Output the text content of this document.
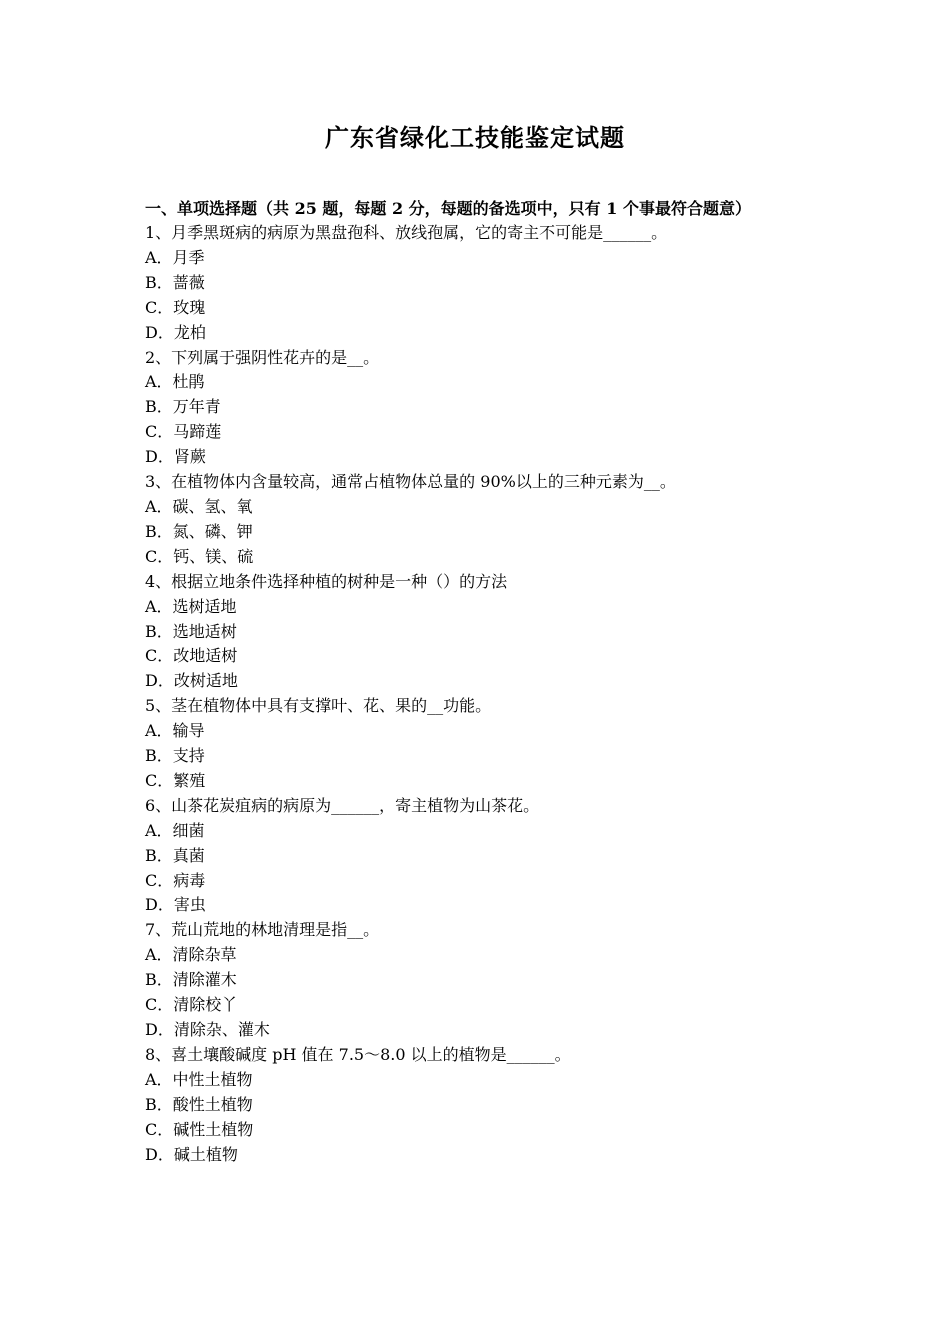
广东省绿化工技能鉴定试题

一、单项选择题（共 25 题，每题 2 分，每题的备选项中，只有 1 个事最符合题意）

1、月季黑斑病的病原为黑盘孢科、放线孢属，它的寄主不可能是______。

A．月季

B．蔷薇

C．玫瑰

D．龙柏

2、下列属于强阴性花卉的是__。

A．杜鹃

B．万年青

C．马蹄莲

D．肾蕨

3、在植物体内含量较高，通常占植物体总量的 90%以上的三种元素为__。

A．碳、氢、氧

B．氮、磷、钾

C．钙、镁、硫

4、根据立地条件选择种植的树种是一种（）的方法

A．选树适地

B．选地适树

C．改地适树

D．改树适地

5、茎在植物体中具有支撑叶、花、果的__功能。

A．输导

B．支持

C．繁殖

6、山茶花炭疽病的病原为______，寄主植物为山茶花。

A．细菌

B．真菌

C．病毒

D．害虫

7、荒山荒地的林地清理是指__。

A．清除杂草

B．清除灌木

C．清除校丫

D．清除杂、灌木

8、喜土壤酸碱度 pH 值在 7.5～8.0 以上的植物是______。

A．中性土植物

B．酸性土植物

C．碱性土植物

D．碱土植物
